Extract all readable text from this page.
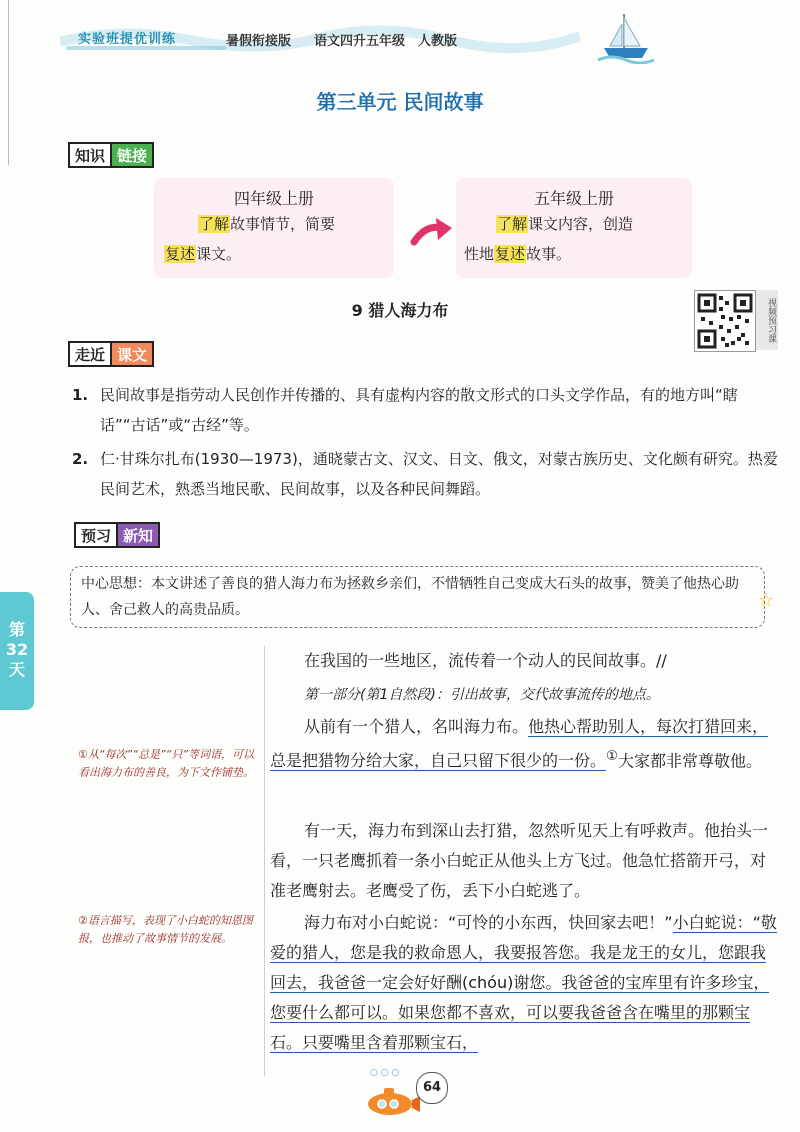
实验班提优训练	暑假衔接版 语文四升五年级 人教版
第三单元 民间故事
知识 链接
四年级上册
了解故事情节，简要
复述课文。
五年级上册
了解课文内容，创造
性地复述故事。
9 猎人海力布	视频预习课
走近 课文
1. 民间故事是指劳动人民创作并传播的、具有虚构内容的散文形式的口头文学作品，有的地方叫“瞎话”“古话”或“古经”等。
2. 仁·甘珠尔扎布(1930—1973)，通晓蒙古文、汉文、日文、俄文，对蒙古族历史、文化颇有研究。热爱民间艺术，熟悉当地民歌、民间故事，以及各种民间舞蹈。
预习 新知
中心思想：本文讲述了善良的猎人海力布为拯救乡亲们，不惜牺牲自己变成大石头的故事，赞美了他热心助人、舍己救人的高贵品质。	☆
第
32
天
①从“每次”“总是”“只”等词语，可以看出海力布的善良，为下文作铺垫。
②语言描写，表现了小白蛇的知恩图报，也推动了故事情节的发展。
在我国的一些地区，流传着一个动人的民间故事。//
第一部分(第1自然段)：引出故事，交代故事流传的地点。
从前有一个猎人，名叫海力布。他热心帮助别人，每次打猎回来，总是把猎物分给大家，自己只留下很少的一份。①大家都非常尊敬他。
有一天，海力布到深山去打猎，忽然听见天上有呼救声。他抬头一看，一只老鹰抓着一条小白蛇正从他头上方飞过。他急忙搭箭开弓，对准老鹰射去。老鹰受了伤，丢下小白蛇逃了。
海力布对小白蛇说：“可怜的小东西，快回家去吧！”小白蛇说：“敬爱的猎人，您是我的救命恩人，我要报答您。我是龙王的女儿，您跟我回去，我爸爸一定会好好酬(chóu)谢您。我爸爸的宝库里有许多珍宝，您要什么都可以。如果您都不喜欢，可以要我爸爸含在嘴里的那颗宝石。只要嘴里含着那颗宝石，
○ ○ ○
64
